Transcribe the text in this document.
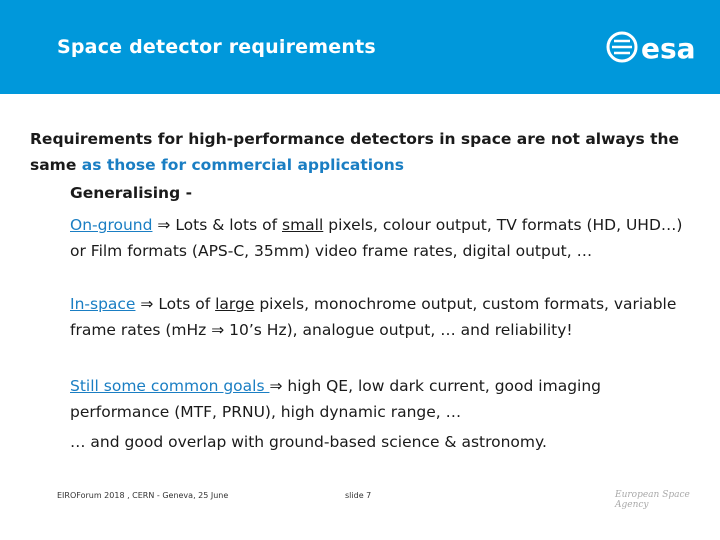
Space detector requirements	esa
Requirements for high-performance detectors in space are not always the same as those for commercial applications
Generalising -
On-ground ⇒ Lots & lots of small pixels, colour output, TV formats (HD, UHD…) or Film formats (APS-C, 35mm) video frame rates, digital output, …
In-space ⇒ Lots of large pixels, monochrome output, custom formats, variable frame rates (mHz ⇒ 10’s Hz), analogue output, … and reliability!
Still some common goals ⇒ high QE, low dark current, good imaging performance (MTF, PRNU), high dynamic range, …
… and good overlap with ground-based science & astronomy.
EIROForum 2018 , CERN - Geneva, 25 June	slide 7	European Space Agency
